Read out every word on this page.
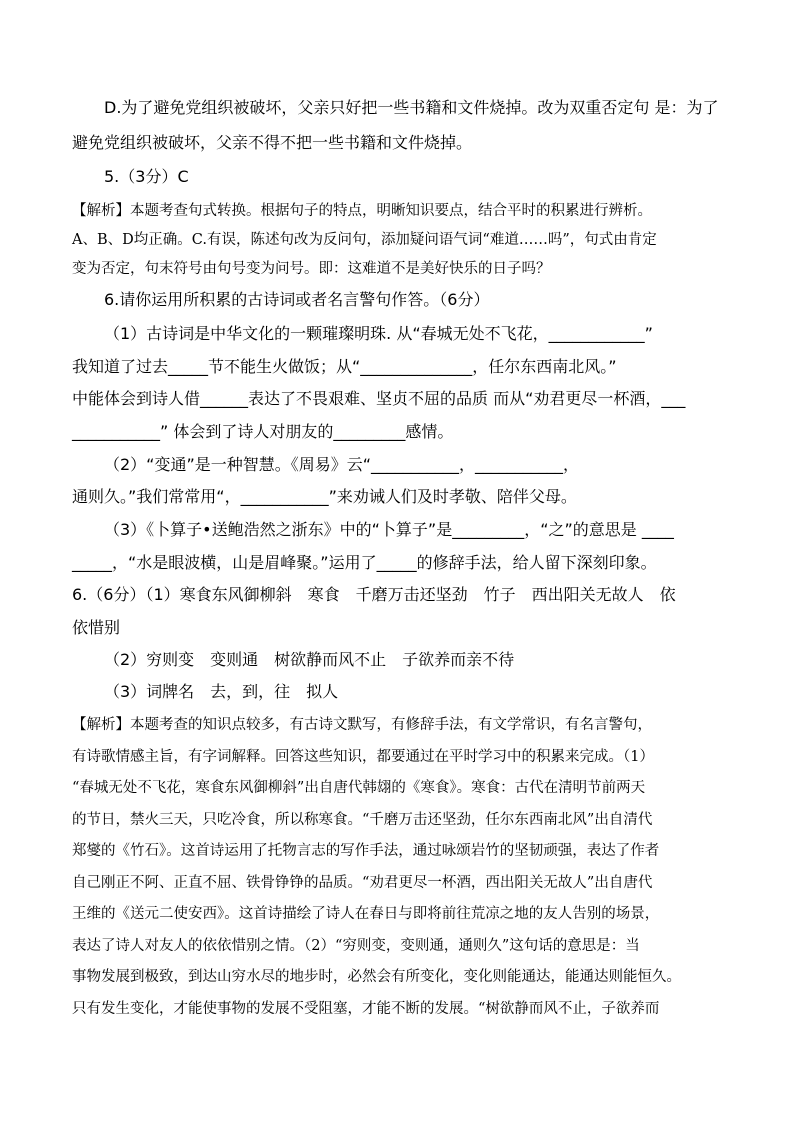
D.为了避免党组织被破坏，父亲只好把一些书籍和文件烧掉。改为双重否定句 是：为了
避免党组织被破坏，父亲不得不把一些书籍和文件烧掉。
5.（3分）C
【解析】本题考查句式转换。根据句子的特点，明晰知识要点，结合平时的积累进行辨析。
A、B、D均正确。C.有误，陈述句改为反问句，添加疑问语气词“难道……吗”，句式由肯定
变为否定，句末符号由句号变为问号。即：这难道不是美好快乐的日子吗？
6.请你运用所积累的古诗词或者名言警句作答。（6分）
（1）古诗词是中华文化的一颗璀璨明珠. 从“春城无处不飞花，____________”
我知道了过去_____节不能生火做饭；从“______________，任尔东西南北风。”
中能体会到诗人借______表达了不畏艰难、坚贞不屈的品质 而从“劝君更尽一杯酒，___
___________” 体会到了诗人对朋友的_________感情。
（2）“变通”是一种智慧。《周易》云“___________，___________，
通则久。”我们常常用“，___________”来劝诫人们及时孝敬、陪伴父母。
（3）《卜算子•送鲍浩然之浙东》中的“卜算子”是_________，“之”的意思是 ____
_____，“水是眼波横，山是眉峰聚。”运用了_____的修辞手法，给人留下深刻印象。
6.（6分）（1）寒食东风御柳斜　寒食　千磨万击还坚劲　竹子　西出阳关无故人　依
依惜别
（2）穷则变　变则通　树欲静而风不止　子欲养而亲不待
（3）词牌名　去，到，往　拟人
【解析】本题考查的知识点较多，有古诗文默写，有修辞手法，有文学常识，有名言警句，
有诗歌情感主旨，有字词解释。回答这些知识，都要通过在平时学习中的积累来完成。（1）
“春城无处不飞花，寒食东风御柳斜”出自唐代韩翃的《寒食》。寒食：古代在清明节前两天
的节日，禁火三天，只吃冷食，所以称寒食。“千磨万击还坚劲，任尔东西南北风”出自清代
郑燮的《竹石》。这首诗运用了托物言志的写作手法，通过咏颂岩竹的坚韧顽强，表达了作者
自己刚正不阿、正直不屈、铁骨铮铮的品质。“劝君更尽一杯酒，西出阳关无故人”出自唐代
王维的《送元二使安西》。这首诗描绘了诗人在春日与即将前往荒凉之地的友人告别的场景，
表达了诗人对友人的依依惜别之情。（2）“穷则变，变则通，通则久”这句话的意思是：当
事物发展到极致，到达山穷水尽的地步时，必然会有所变化，变化则能通达，能通达则能恒久。
只有发生变化，才能使事物的发展不受阻塞，才能不断的发展。“树欲静而风不止，子欲养而
